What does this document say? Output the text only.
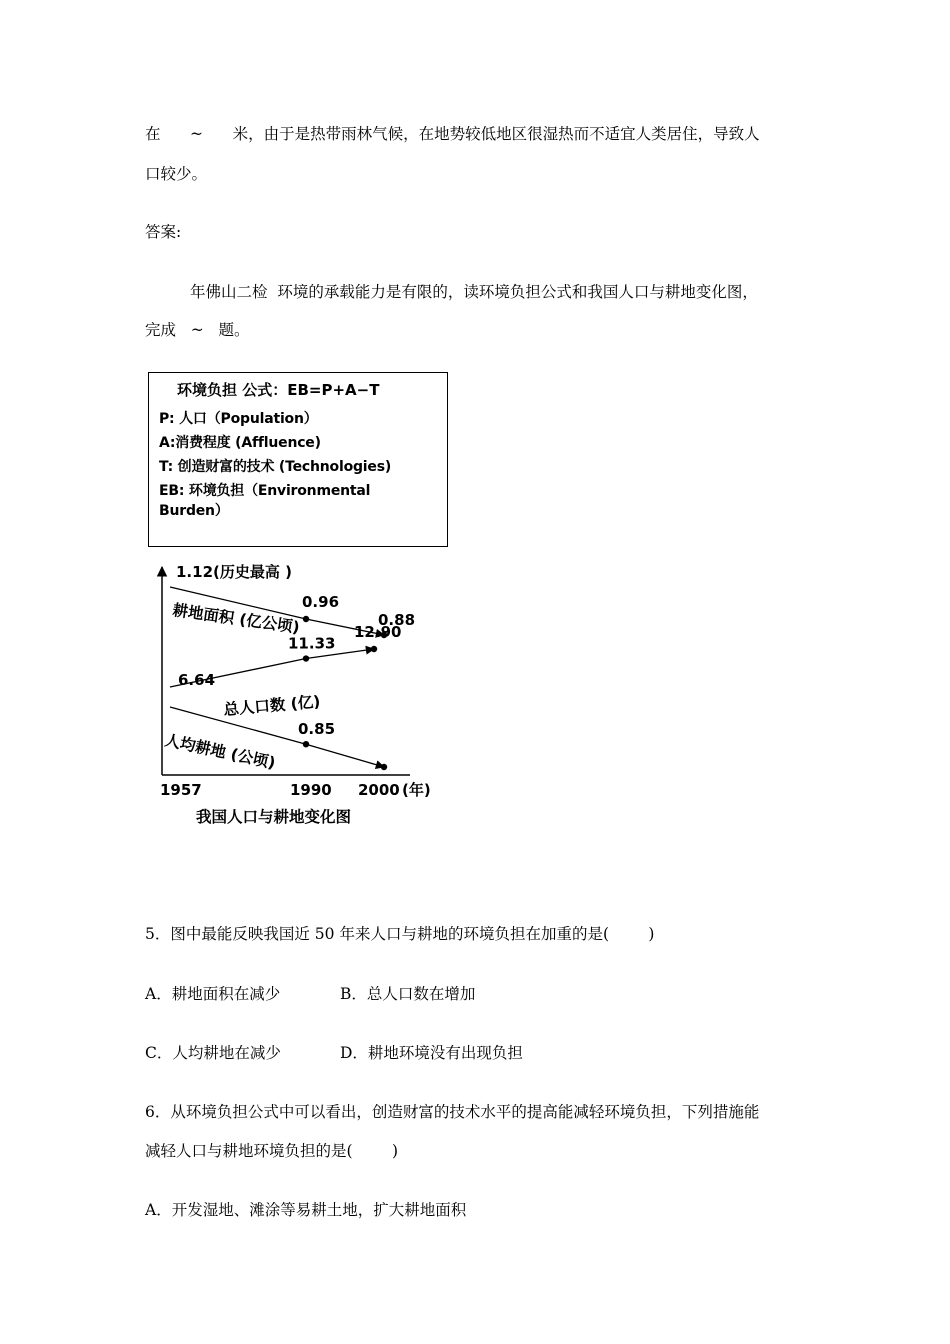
在      ~      米，由于是热带雨林气候，在地势较低地区很湿热而不适宜人类居住，导致人
口较少。
答案:
年佛山二检  环境的承载能力是有限的，读环境负担公式和我国人口与耕地变化图，
完成   ~   题。
环境负担 公式：EB=P+A−T
P: 人口（Population）
A:消费程度 (Affluence)
T: 创造财富的技术 (Technologies)
EB: 环境负担（Environmental Burden）
1.12(历史最高 )
0.96
0.88
耕地面积 (亿公顷)
6.64
11.33
12.90
总人口数 (亿)
0.85
人均耕地 (公顷)
1957	1990 2000 (年)
我国人口与耕地变化图
5．图中最能反映我国近 50 年来人口与耕地的环境负担在加重的是(        )
A．耕地面积在减少	B．总人口数在增加
C．人均耕地在减少	D．耕地环境没有出现负担
6．从环境负担公式中可以看出，创造财富的技术水平的提高能减轻环境负担，下列措施能
减轻人口与耕地环境负担的是(        )
A．开发湿地、滩涂等易耕土地，扩大耕地面积
